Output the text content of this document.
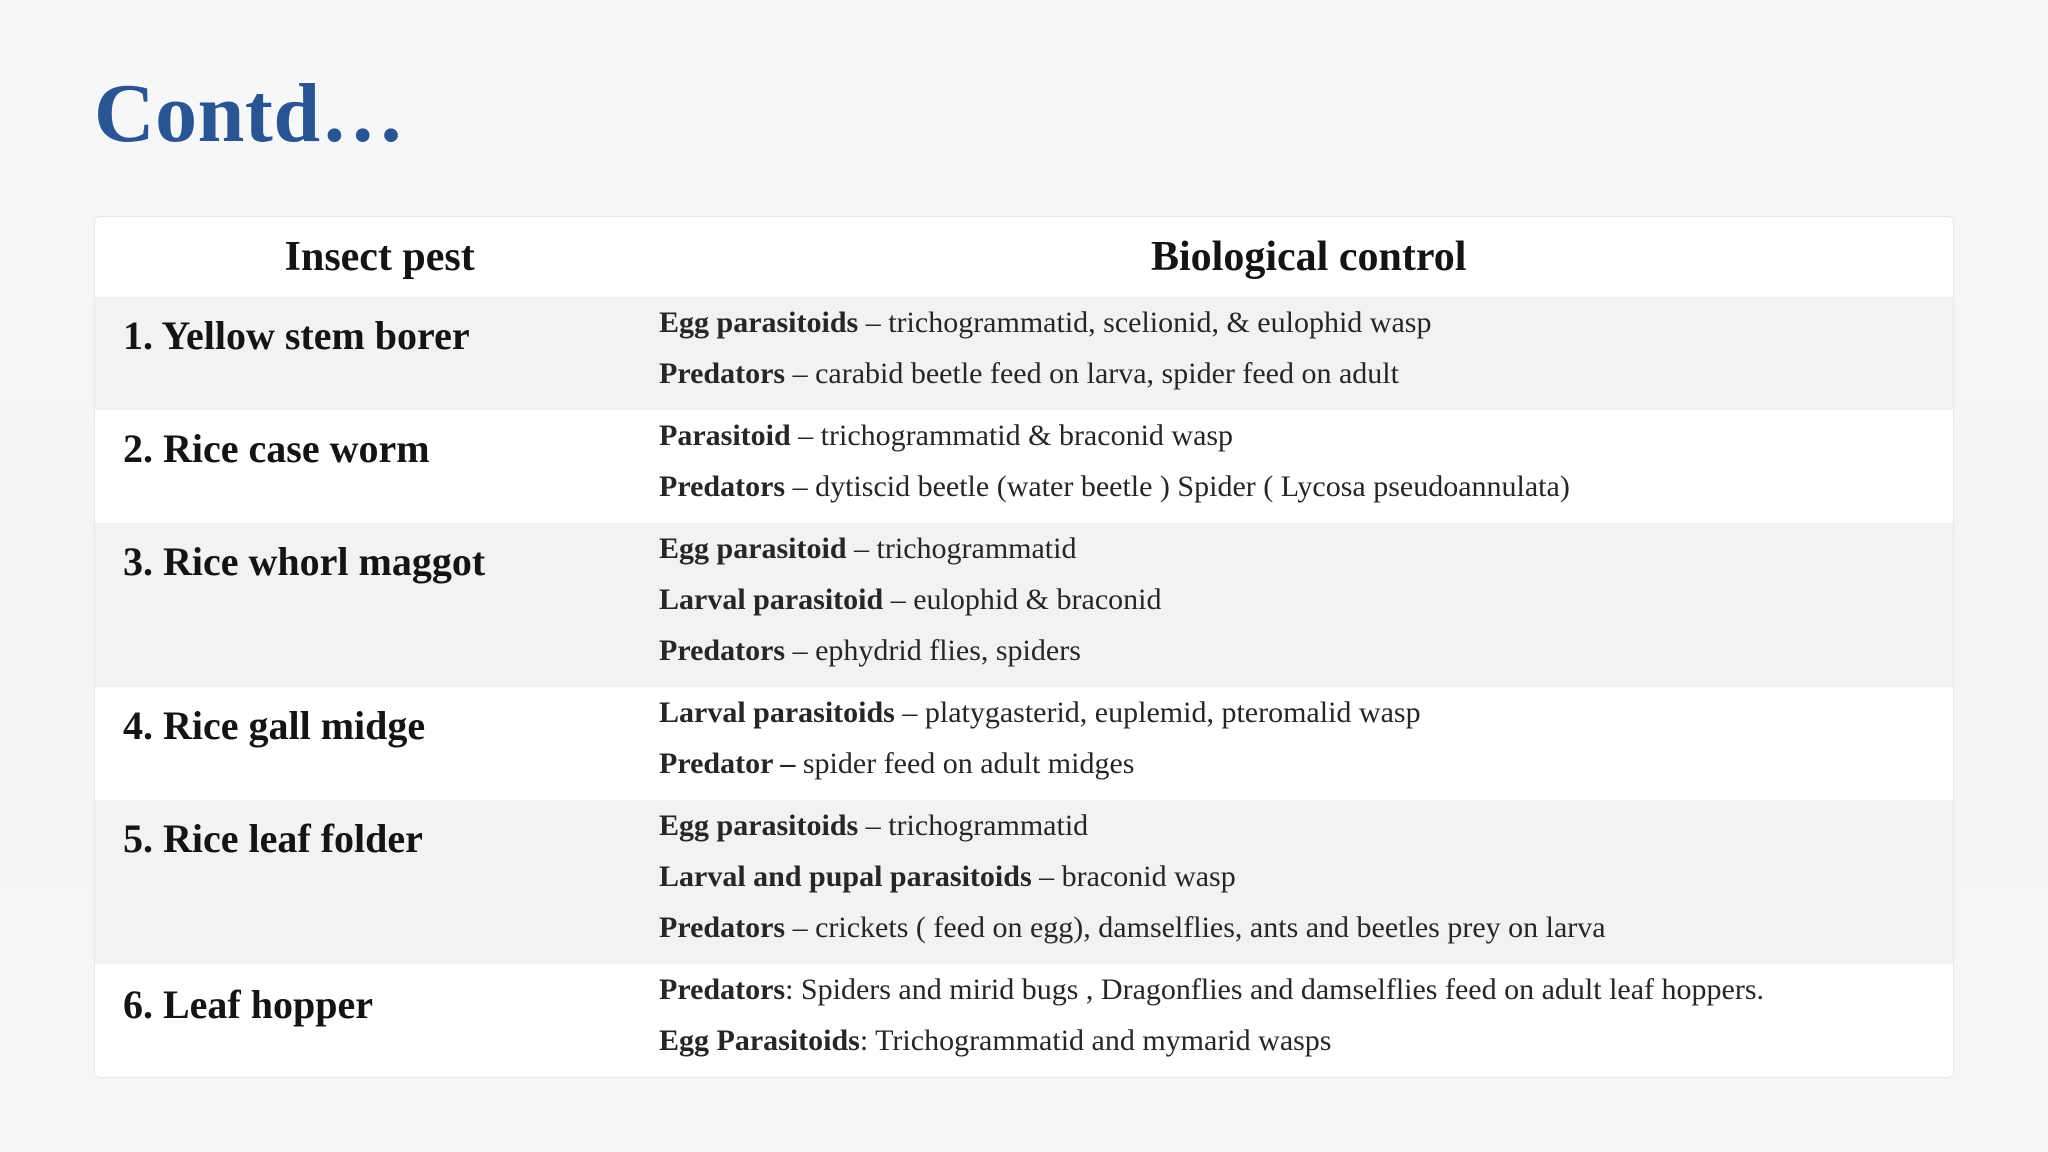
Contd…
Insect pest	Biological control
1. Yellow stem borer	Egg parasitoids – trichogrammatid, scelionid, & eulophid wasp
Predators – carabid beetle feed on larva, spider feed on adult
2. Rice case worm	Parasitoid – trichogrammatid & braconid wasp
Predators – dytiscid beetle (water beetle ) Spider ( Lycosa pseudoannulata)
3. Rice whorl maggot	Egg parasitoid – trichogrammatid
Larval parasitoid – eulophid & braconid
Predators – ephydrid flies, spiders
4. Rice gall midge	Larval parasitoids – platygasterid, euplemid, pteromalid wasp
Predator – spider feed on adult midges
5. Rice leaf folder	Egg parasitoids – trichogrammatid
Larval and pupal parasitoids – braconid wasp
Predators – crickets ( feed on egg), damselflies, ants and beetles prey on larva
6. Leaf hopper	Predators: Spiders and mirid bugs , Dragonflies and damselflies feed on adult leaf hoppers.
Egg Parasitoids: Trichogrammatid and mymarid wasps
